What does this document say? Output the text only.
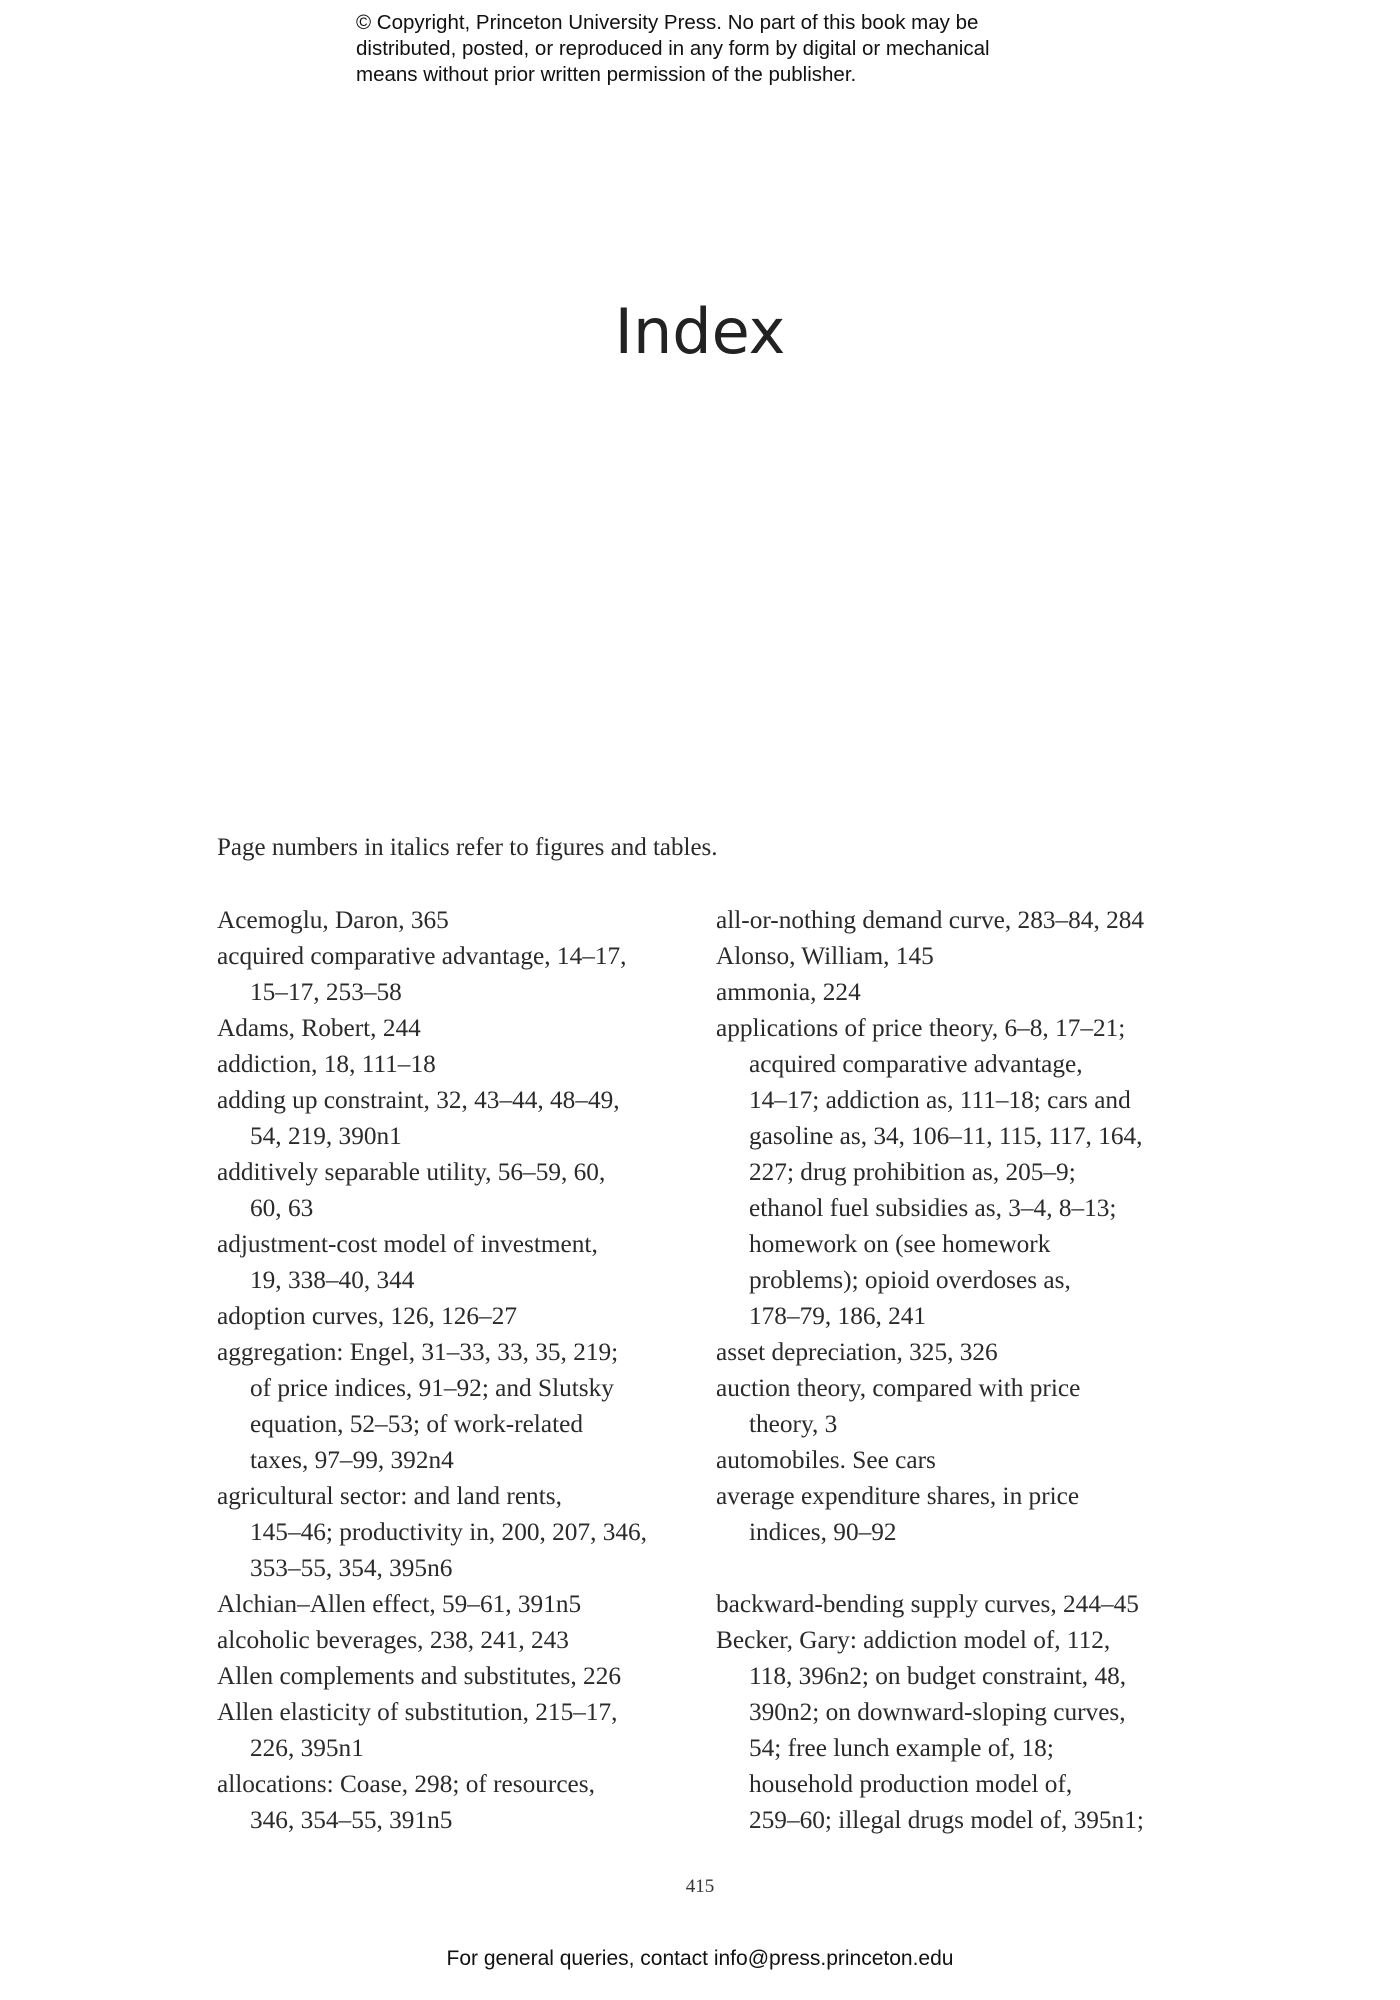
© Copyright, Princeton University Press. No part of this book may be
distributed, posted, or reproduced in any form by digital or mechanical
means without prior written permission of the publisher.
Index
Page numbers in italics refer to figures and tables.
Acemoglu, Daron, 365
acquired comparative advantage, 14–17,
15–17, 253–58
Adams, Robert, 244
addiction, 18, 111–18
adding up constraint, 32, 43–44, 48–49,
54, 219, 390n1
additively separable utility, 56–59, 60,
60, 63
adjustment-cost model of investment,
19, 338–40, 344
adoption curves, 126, 126–27
aggregation: Engel, 31–33, 33, 35, 219;
of price indices, 91–92; and Slutsky
equation, 52–53; of work-related
taxes, 97–99, 392n4
agricultural sector: and land rents,
145–46; productivity in, 200, 207, 346,
353–55, 354, 395n6
Alchian–Allen effect, 59–61, 391n5
alcoholic beverages, 238, 241, 243
Allen complements and substitutes, 226
Allen elasticity of substitution, 215–17,
226, 395n1
allocations: Coase, 298; of resources,
346, 354–55, 391n5
all-or-nothing demand curve, 283–84, 284
Alonso, William, 145
ammonia, 224
applications of price theory, 6–8, 17–21;
acquired comparative advantage,
14–17; addiction as, 111–18; cars and
gasoline as, 34, 106–11, 115, 117, 164,
227; drug prohibition as, 205–9;
ethanol fuel subsidies as, 3–4, 8–13;
homework on (see homework
problems); opioid overdoses as,
178–79, 186, 241
asset depreciation, 325, 326
auction theory, compared with price
theory, 3
automobiles. See cars
average expenditure shares, in price
indices, 90–92
backward-bending supply curves, 244–45
Becker, Gary: addiction model of, 112,
118, 396n2; on budget constraint, 48,
390n2; on downward-sloping curves,
54; free lunch example of, 18;
household production model of,
259–60; illegal drugs model of, 395n1;
415
For general queries, contact info@press.princeton.edu
